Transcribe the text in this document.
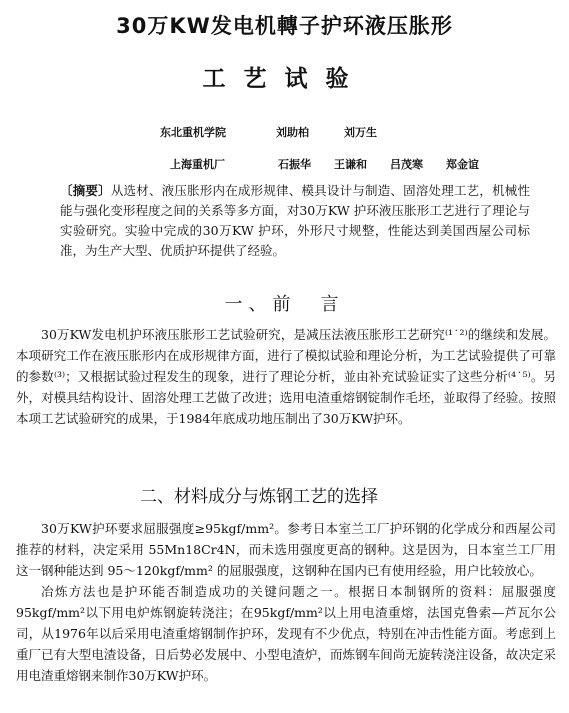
30万KW发电机轉子护环液压胀形
工艺试验
东北重机学院	刘助柏	刘万生
上海重机厂	石振华 王谦和 吕茂寒 郑金谊
〔摘要〕从选材、液压胀形内在成形规律、模具设计与制造、固溶处理工艺，机械性能与强化变形程度之间的关系等多方面，对30万KW 护环液压胀形工艺进行了理论与实验研究。实验中完成的30万KW 护环，外形尺寸规整，性能达到美国西屋公司标准，为生产大型、优质护环提供了经验。
一、前　言

30万KW发电机护环液压胀形工艺试验研究，是减压法液压胀形工艺研究⁽¹˙²⁾的继续和发展。本项研究工作在液压胀形内在成形规律方面，进行了模拟试验和理论分析，为工艺试验提供了可靠的参数⁽³⁾；又根据试验过程发生的现象，进行了理论分析，並由补充试验证实了这些分析⁽⁴˙⁵⁾。另外，对模具结构设计、固溶处理工艺做了改进；选用电渣重熔钢锭制作毛坯，並取得了经验。按照本项工艺试验研究的成果，于1984年底成功地压制出了30万KW护环。

二、材料成分与炼钢工艺的选择

30万KW护环要求屈服强度≥95kgf/mm²。参考日本室兰工厂护环钢的化学成分和西屋公司推荐的材料，决定采用 55Mn18Cr4N，而未选用强度更高的钢种。这是因为，日本室兰工厂用这一钢种能达到 95～120kgf/mm² 的屈服强度，这钢种在国内已有使用经验，用户比较放心。

冶炼方法也是护环能否制造成功的关键问题之一。根据日本制钢所的资料：屈服强度95kgf/mm²以下用电炉炼钢旋转浇注；在95kgf/mm²以上用电渣重熔，法国克鲁索—芦瓦尔公司，从1976年以后采用电渣重熔钢制作护环，发现有不少优点，特别在冲击性能方面。考虑到上重厂已有大型电渣设备，日后势必发展中、小型电渣炉，而炼钢车间尚无旋转浇注设备，故决定采用电渣重熔钢来制作30万KW护环。
